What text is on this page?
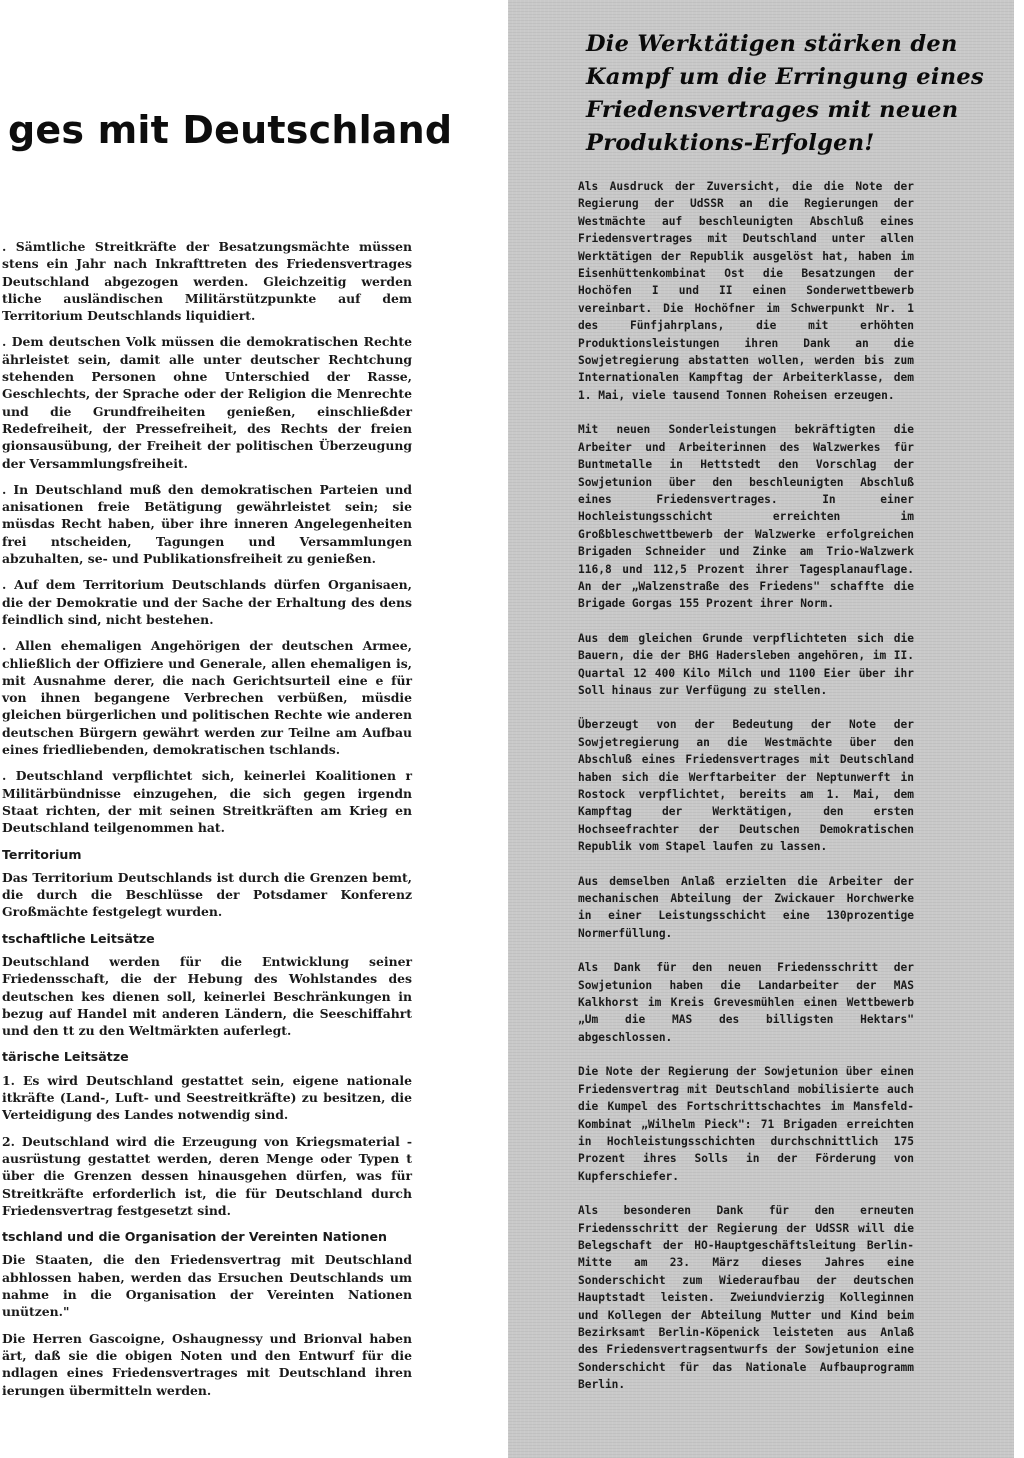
ges mit Deutschland

. Sämtliche Streitkräfte der Besatzungsmächte müssen stens ein Jahr nach Inkrafttreten des Friedensvertrages Deutschland abgezogen werden. Gleichzeitig werden tliche ausländischen Militärstützpunkte auf dem Territorium Deutschlands liquidiert.

. Dem deutschen Volk müssen die demokratischen Rechte ährleistet sein, damit alle unter deutscher Rechtchung stehenden Personen ohne Unterschied der Rasse, Geschlechts, der Sprache oder der Religion die Menrechte und die Grundfreiheiten genießen, einschließder Redefreiheit, der Pressefreiheit, des Rechts der freien gionsausübung, der Freiheit der politischen Überzeugung der Versammlungsfreiheit.

. In Deutschland muß den demokratischen Parteien und anisationen freie Betätigung gewährleistet sein; sie müsdas Recht haben, über ihre inneren Angelegenheiten frei ntscheiden, Tagungen und Versammlungen abzuhalten, se- und Publikationsfreiheit zu genießen.

. Auf dem Territorium Deutschlands dürfen Organisaen, die der Demokratie und der Sache der Erhaltung des dens feindlich sind, nicht bestehen.

. Allen ehemaligen Angehörigen der deutschen Armee, chließlich der Offiziere und Generale, allen ehemaligen is, mit Ausnahme derer, die nach Gerichtsurteil eine e für von ihnen begangene Verbrechen verbüßen, müsdie gleichen bürgerlichen und politischen Rechte wie anderen deutschen Bürgern gewährt werden zur Teilne am Aufbau eines friedliebenden, demokratischen tschlands.

. Deutschland verpflichtet sich, keinerlei Koalitionen r Militärbündnisse einzugehen, die sich gegen irgendn Staat richten, der mit seinen Streitkräften am Krieg en Deutschland teilgenommen hat.

Territorium

Das Territorium Deutschlands ist durch die Grenzen bemt, die durch die Beschlüsse der Potsdamer Konferenz Großmächte festgelegt wurden.

tschaftliche Leitsätze

Deutschland werden für die Entwicklung seiner Friedensschaft, die der Hebung des Wohlstandes des deutschen kes dienen soll, keinerlei Beschränkungen in bezug auf Handel mit anderen Ländern, die Seeschiffahrt und den tt zu den Weltmärkten auferlegt.

tärische Leitsätze

1. Es wird Deutschland gestattet sein, eigene nationale itkräfte (Land-, Luft- und Seestreitkräfte) zu besitzen, die Verteidigung des Landes notwendig sind.

2. Deutschland wird die Erzeugung von Kriegsmaterial -ausrüstung gestattet werden, deren Menge oder Typen t über die Grenzen dessen hinausgehen dürfen, was für Streitkräfte erforderlich ist, die für Deutschland durch Friedensvertrag festgesetzt sind.

tschland und die Organisation der Vereinten Nationen

Die Staaten, die den Friedensvertrag mit Deutschland abhlossen haben, werden das Ersuchen Deutschlands um nahme in die Organisation der Vereinten Nationen unützen."

Die Herren Gascoigne, Oshaugnessy und Brionval haben ärt, daß sie die obigen Noten und den Entwurf für die ndlagen eines Friedensvertrages mit Deutschland ihren ierungen übermitteln werden.

Die Werktätigen stärken den
Kampf um die Erringung eines
Friedensvertrages mit neuen
Produktions-Erfolgen!

Als Ausdruck der Zuversicht, die die Note der Regierung der UdSSR an die Regierungen der Westmächte auf beschleunigten Abschluß eines Friedensvertrages mit Deutschland unter allen Werktätigen der Republik ausgelöst hat, haben im Eisenhüttenkombinat Ost die Besatzungen der Hochöfen I und II einen Sonderwettbewerb vereinbart. Die Hochöfner im Schwerpunkt Nr. 1 des Fünfjahrplans, die mit erhöhten Produktionsleistungen ihren Dank an die Sowjetregierung abstatten wollen, werden bis zum Internationalen Kampftag der Arbeiterklasse, dem 1. Mai, viele tausend Tonnen Roheisen erzeugen.

Mit neuen Sonderleistungen bekräftigten die Arbeiter und Arbeiterinnen des Walzwerkes für Buntmetalle in Hettstedt den Vorschlag der Sowjetunion über den beschleunigten Abschluß eines Friedensvertrages. In einer Hochleistungsschicht erreichten im Großbleschwettbewerb der Walzwerke erfolgreichen Brigaden Schneider und Zinke am Trio-Walzwerk 116,8 und 112,5 Prozent ihrer Tagesplanauflage. An der „Walzenstraße des Friedens" schaffte die Brigade Gorgas 155 Prozent ihrer Norm.

Aus dem gleichen Grunde verpflichteten sich die Bauern, die der BHG Hadersleben angehören, im II. Quartal 12 400 Kilo Milch und 1100 Eier über ihr Soll hinaus zur Verfügung zu stellen.

Überzeugt von der Bedeutung der Note der Sowjetregierung an die Westmächte über den Abschluß eines Friedensvertrages mit Deutschland haben sich die Werftarbeiter der Neptunwerft in Rostock verpflichtet, bereits am 1. Mai, dem Kampftag der Werktätigen, den ersten Hochseefrachter der Deutschen Demokratischen Republik vom Stapel laufen zu lassen.

Aus demselben Anlaß erzielten die Arbeiter der mechanischen Abteilung der Zwickauer Horchwerke in einer Leistungsschicht eine 130prozentige Normerfüllung.

Als Dank für den neuen Friedensschritt der Sowjetunion haben die Landarbeiter der MAS Kalkhorst im Kreis Grevesmühlen einen Wettbewerb „Um die MAS des billigsten Hektars" abgeschlossen.

Die Note der Regierung der Sowjetunion über einen Friedensvertrag mit Deutschland mobilisierte auch die Kumpel des Fortschrittschachtes im Mansfeld-Kombinat „Wilhelm Pieck": 71 Brigaden erreichten in Hochleistungsschichten durchschnittlich 175 Prozent ihres Solls in der Förderung von Kupferschiefer.

Als besonderen Dank für den erneuten Friedensschritt der Regierung der UdSSR will die Belegschaft der HO-Hauptgeschäftsleitung Berlin-Mitte am 23. März dieses Jahres eine Sonderschicht zum Wiederaufbau der deutschen Hauptstadt leisten. Zweiundvierzig Kolleginnen und Kollegen der Abteilung Mutter und Kind beim Bezirksamt Berlin-Köpenick leisteten aus Anlaß des Friedensvertragsentwurfs der Sowjetunion eine Sonderschicht für das Nationale Aufbauprogramm Berlin.
